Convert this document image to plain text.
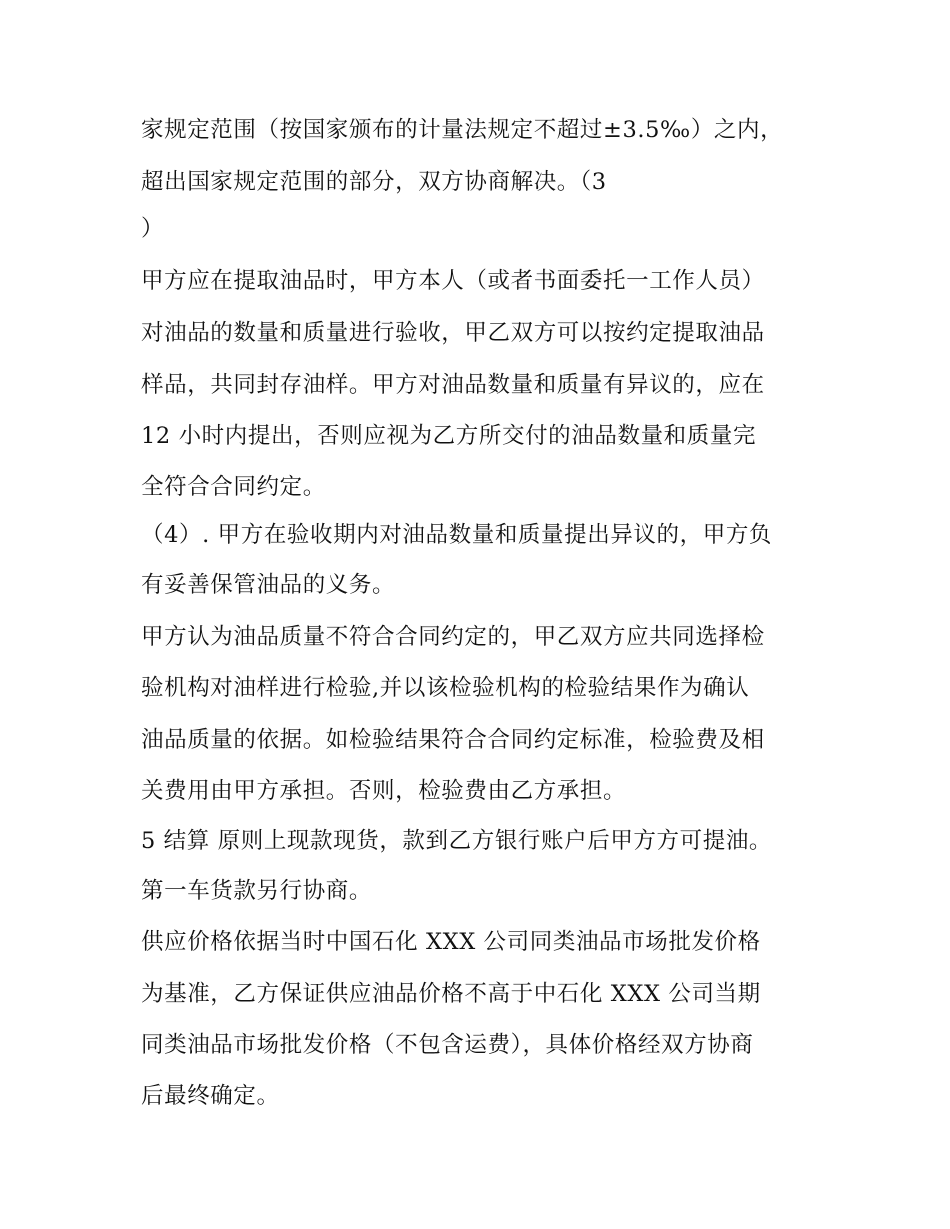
家规定范围（按国家颁布的计量法规定不超过±3.5‰）之内，
超出国家规定范围的部分，双方协商解决。（3
）
甲方应在提取油品时，甲方本人（或者书面委托一工作人员）
对油品的数量和质量进行验收，甲乙双方可以按约定提取油品
样品，共同封存油样。甲方对油品数量和质量有异议的，应在
12 小时内提出，否则应视为乙方所交付的油品数量和质量完
全符合合同约定。
（4）. 甲方在验收期内对油品数量和质量提出异议的，甲方负
有妥善保管油品的义务。
甲方认为油品质量不符合合同约定的，甲乙双方应共同选择检
验机构对油样进行检验,并以该检验机构的检验结果作为确认
油品质量的依据。如检验结果符合合同约定标准，检验费及相
关费用由甲方承担。否则，检验费由乙方承担。
5 结算 原则上现款现货，款到乙方银行账户后甲方方可提油。
第一车货款另行协商。
供应价格依据当时中国石化 XXX 公司同类油品市场批发价格
为基准，乙方保证供应油品价格不高于中石化 XXX 公司当期
同类油品市场批发价格（不包含运费），具体价格经双方协商
后最终确定。
